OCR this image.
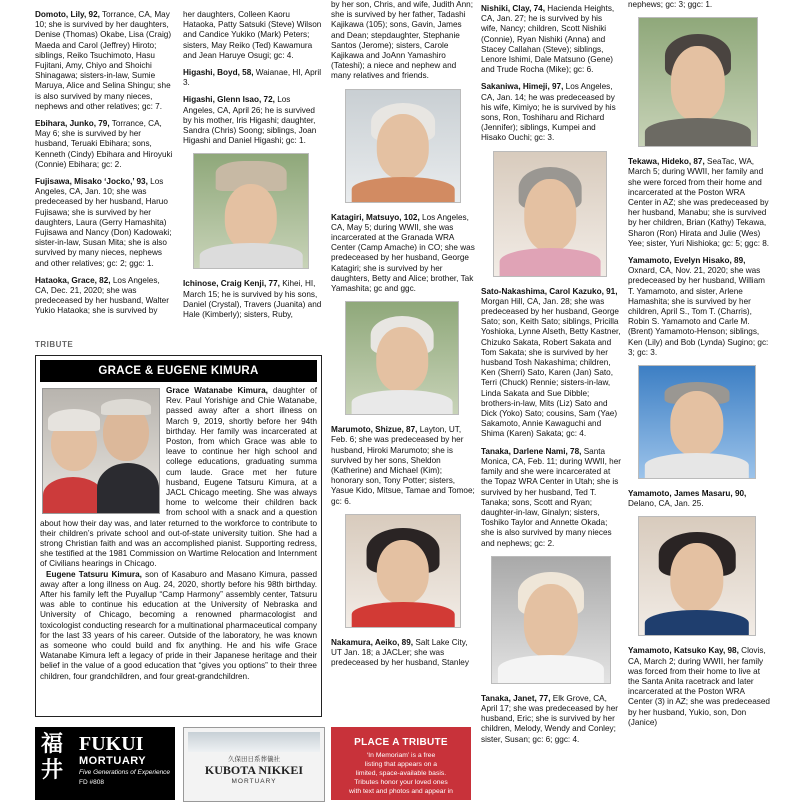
Domoto, Lily, 92, Torrance, CA, May 10; she is survived by her daughters, Denise (Thomas) Okabe, Lisa (Craig) Maeda and Carol (Jeffrey) Hiroto; siblings, Reiko Tsuchimoto, Hasu Fujitani, Amy, Chiyo and Shoichi Shinagawa; sisters-in-law, Sumie Maruya, Alice and Selina Shingu; she is also survived by many nieces, nephews and other relatives; gc: 7.
Ebihara, Junko, 79, Torrance, CA, May 6; she is survived by her husband, Teruaki Ebihara; sons, Kenneth (Cindy) Ebihara and Hiroyuki (Connie) Ebihara; gc: 2.
Fujisawa, Misako ‘Jocko,’ 93, Los Angeles, CA, Jan. 10; she was predeceased by her husband, Haruo Fujisawa; she is survived by her daughters, Laura (Gerry Hamashita) Fujisawa and Nancy (Don) Kadowaki; sister-in-law, Susan Mita; she is also survived by many nieces, nephews and other relatives; gc: 2; ggc: 1.
Hataoka, Grace, 82, Los Angeles, CA, Dec. 21, 2020; she was predeceased by her husband, Walter Yukio Hataoka; she is survived by
her daughters, Colleen Kaoru Hataoka, Patty Satsuki (Steve) Wilson and Candice Yukiko (Mark) Peters; sisters, May Reiko (Ted) Kawamura and Jean Haruye Osugi; gc: 4.
Higashi, Boyd, 58, Waianae, HI, April 3.
Higashi, Glenn Isao, 72, Los Angeles, CA, April 26; he is survived by his mother, Iris Higashi; daughter, Sandra (Chris) Soong; siblings, Joan Higashi and Daniel Higashi; gc: 1.
Ichinose, Craig Kenji, 77, Kihei, HI, March 15; he is survived by his sons, Daniel (Crystal), Travers (Juanita) and Hale (Kimberly); sisters, Ruby,
by her son, Chris, and wife, Judith Ann; she is survived by her father, Tadashi Kajikawa (105); sons, Gavin, James and Dean; stepdaughter, Stephanie Santos (Jerome); sisters, Carole Kajikawa and JoAnn Yamashiro (Tateshi); a niece and nephew and many relatives and friends.
Katagiri, Matsuyo, 102, Los Angeles, CA, May 5; during WWII, she was incarcerated at the Granada WRA Center (Camp Amache) in CO; she was predeceased by her husband, George Katagiri; she is survived by her daughters, Betty and Alice; brother, Tak Yamashita; gc and ggc.
Marumoto, Shizue, 87, Layton, UT, Feb. 6; she was predeceased by her husband, Hiroki Marumoto; she is survived by her sons, Sheldon (Katherine) and Michael (Kim); honorary son, Tony Potter; sisters, Yasue Kido, Mitsue, Tamae and Tomoe; gc: 6.
Nakamura, Aeiko, 89, Salt Lake City, UT Jan. 18; a JACLer; she was predeceased by her husband, Stanley
Nishiki, Clay, 74, Hacienda Heights, CA, Jan. 27; he is survived by his wife, Nancy; children, Scott Nishiki (Connie), Ryan Nishiki (Anna) and Stacey Callahan (Steve); siblings, Lenore Ishimi, Dale Matsuno (Gene) and Trude Rocha (Mike); gc: 6.
Sakaniwa, Himeji, 97, Los Angeles, CA, Jan. 14; he was predeceased by his wife, Kimiyo; he is survived by his sons, Ron, Toshiharu and Richard (Jennifer); siblings, Kumpei and Hisako Ouchi; gc: 3.
Sato-Nakashima, Carol Kazuko, 91, Morgan Hill, CA, Jan. 28; she was predeceased by her husband, George Sato; son, Keith Sato; siblings, Pricilla Yoshioka, Lynne Alseth, Betty Kastner, Chizuko Sakata, Robert Sakata and Tom Sakata; she is survived by her husband Tosh Nakashima; children, Ken (Sherri) Sato, Karen (Jan) Sato, Terri (Chuck) Rennie; sisters-in-law, Linda Sakata and Sue Dibble; brothers-in-law, Mits (Liz) Sato and Dick (Yoko) Sato; cousins, Sam (Yae) Sakamoto, Annie Kawaguchi and Shima (Karen) Sakata; gc: 4.
Tanaka, Darlene Nami, 78, Santa Monica, CA, Feb. 11; during WWII, her family and she were incarcerated at the Topaz WRA Center in Utah; she is survived by her husband, Ted T. Tanaka; sons, Scott and Ryan; daughter-in-law, Ginalyn; sisters, Toshiko Taylor and Annette Okada; she is also survived by many nieces and nephews; gc: 2.
Tanaka, Janet, 77, Elk Grove, CA, April 17; she was predeceased by her husband, Eric; she is survived by her children, Melody, Wendy and Conley; sister, Susan; gc: 6; ggc: 4.
nephews; gc: 3; ggc: 1.
Tekawa, Hideko, 87, SeaTac, WA, March 5; during WWII, her family and she were forced from their home and incarcerated at the Poston WRA Center in AZ; she was predeceased by her husband, Manabu; she is survived by her children, Brian (Kathy) Tekawa, Sharon (Ron) Hirata and Julie (Wes) Yee; sister, Yuri Nishioka; gc: 5; ggc: 8.
Yamamoto, Evelyn Hisako, 89, Oxnard, CA, Nov. 21, 2020; she was predeceased by her husband, William T. Yamamoto, and sister, Arlene Hamashita; she is survived by her children, April S., Tom T. (Charris), Robin S. Yamamoto and Carle M. (Brent) Yamamoto-Henson; siblings, Ken (Lily) and Bob (Lynda) Sugino; gc: 3; gc: 3.
Yamamoto, James Masaru, 90, Delano, CA, Jan. 25.
Yamamoto, Katsuko Kay, 98, Clovis, CA, March 2; during WWII, her family was forced from their home to live at the Santa Anita racetrack and later incarcerated at the Poston WRA Center (3) in AZ; she was predeceased by her husband, Yukio, son, Don (Janice)
TRIBUTE
GRACE & EUGENE KIMURA

Grace Watanabe Kimura, daughter of Rev. Paul Yorishige and Chie Watanabe, passed away after a short illness on March 9, 2019, shortly before her 94th birthday. Her family was incarcerated at Poston, from which Grace was able to leave to continue her high school and college educations, graduating summa cum laude. Grace met her future husband, Eugene Tatsuru Kimura, at a JACL Chicago meeting. She was always home to welcome their children back from school with a snack and a question about how their day was, and later returned to the workforce to contribute to their children’s private school and out-of-state university tuition. She had a strong Christian faith and was an accomplished pianist. Supporting redress, she testified at the 1981 Commission on Wartime Relocation and Internment of Civilians hearings in Chicago.

Eugene Tatsuru Kimura, son of Kasaburo and Masano Kimura, passed away after a long illness on Aug. 24, 2020, shortly before his 98th birthday. After his family left the Puyallup “Camp Harmony” assembly center, Tatsuru was able to continue his education at the University of Nebraska and University of Chicago, becoming a renowned pharmacologist and toxicologist conducting research for a multinational pharmaceutical company for the last 33 years of his career. Outside of the laboratory, he was known as someone who could build and fix anything. He and his wife Grace Watanabe Kimura left a legacy of pride in their Japanese heritage and their belief in the value of a good education that “gives you options” to their three children, four grandchildren, and four great-grandchildren.

福井
FUKUI
MORTUARY
Five Generations of Experience
FD #808
久保田日系葬儀社
KUBOTA NIKKEI
MORTUARY
PLACE A TRIBUTE
‘In Memoriam’ is a free
listing that appears on a
limited, space-available basis.
Tributes honor your loved ones
with text and photos and appear in
